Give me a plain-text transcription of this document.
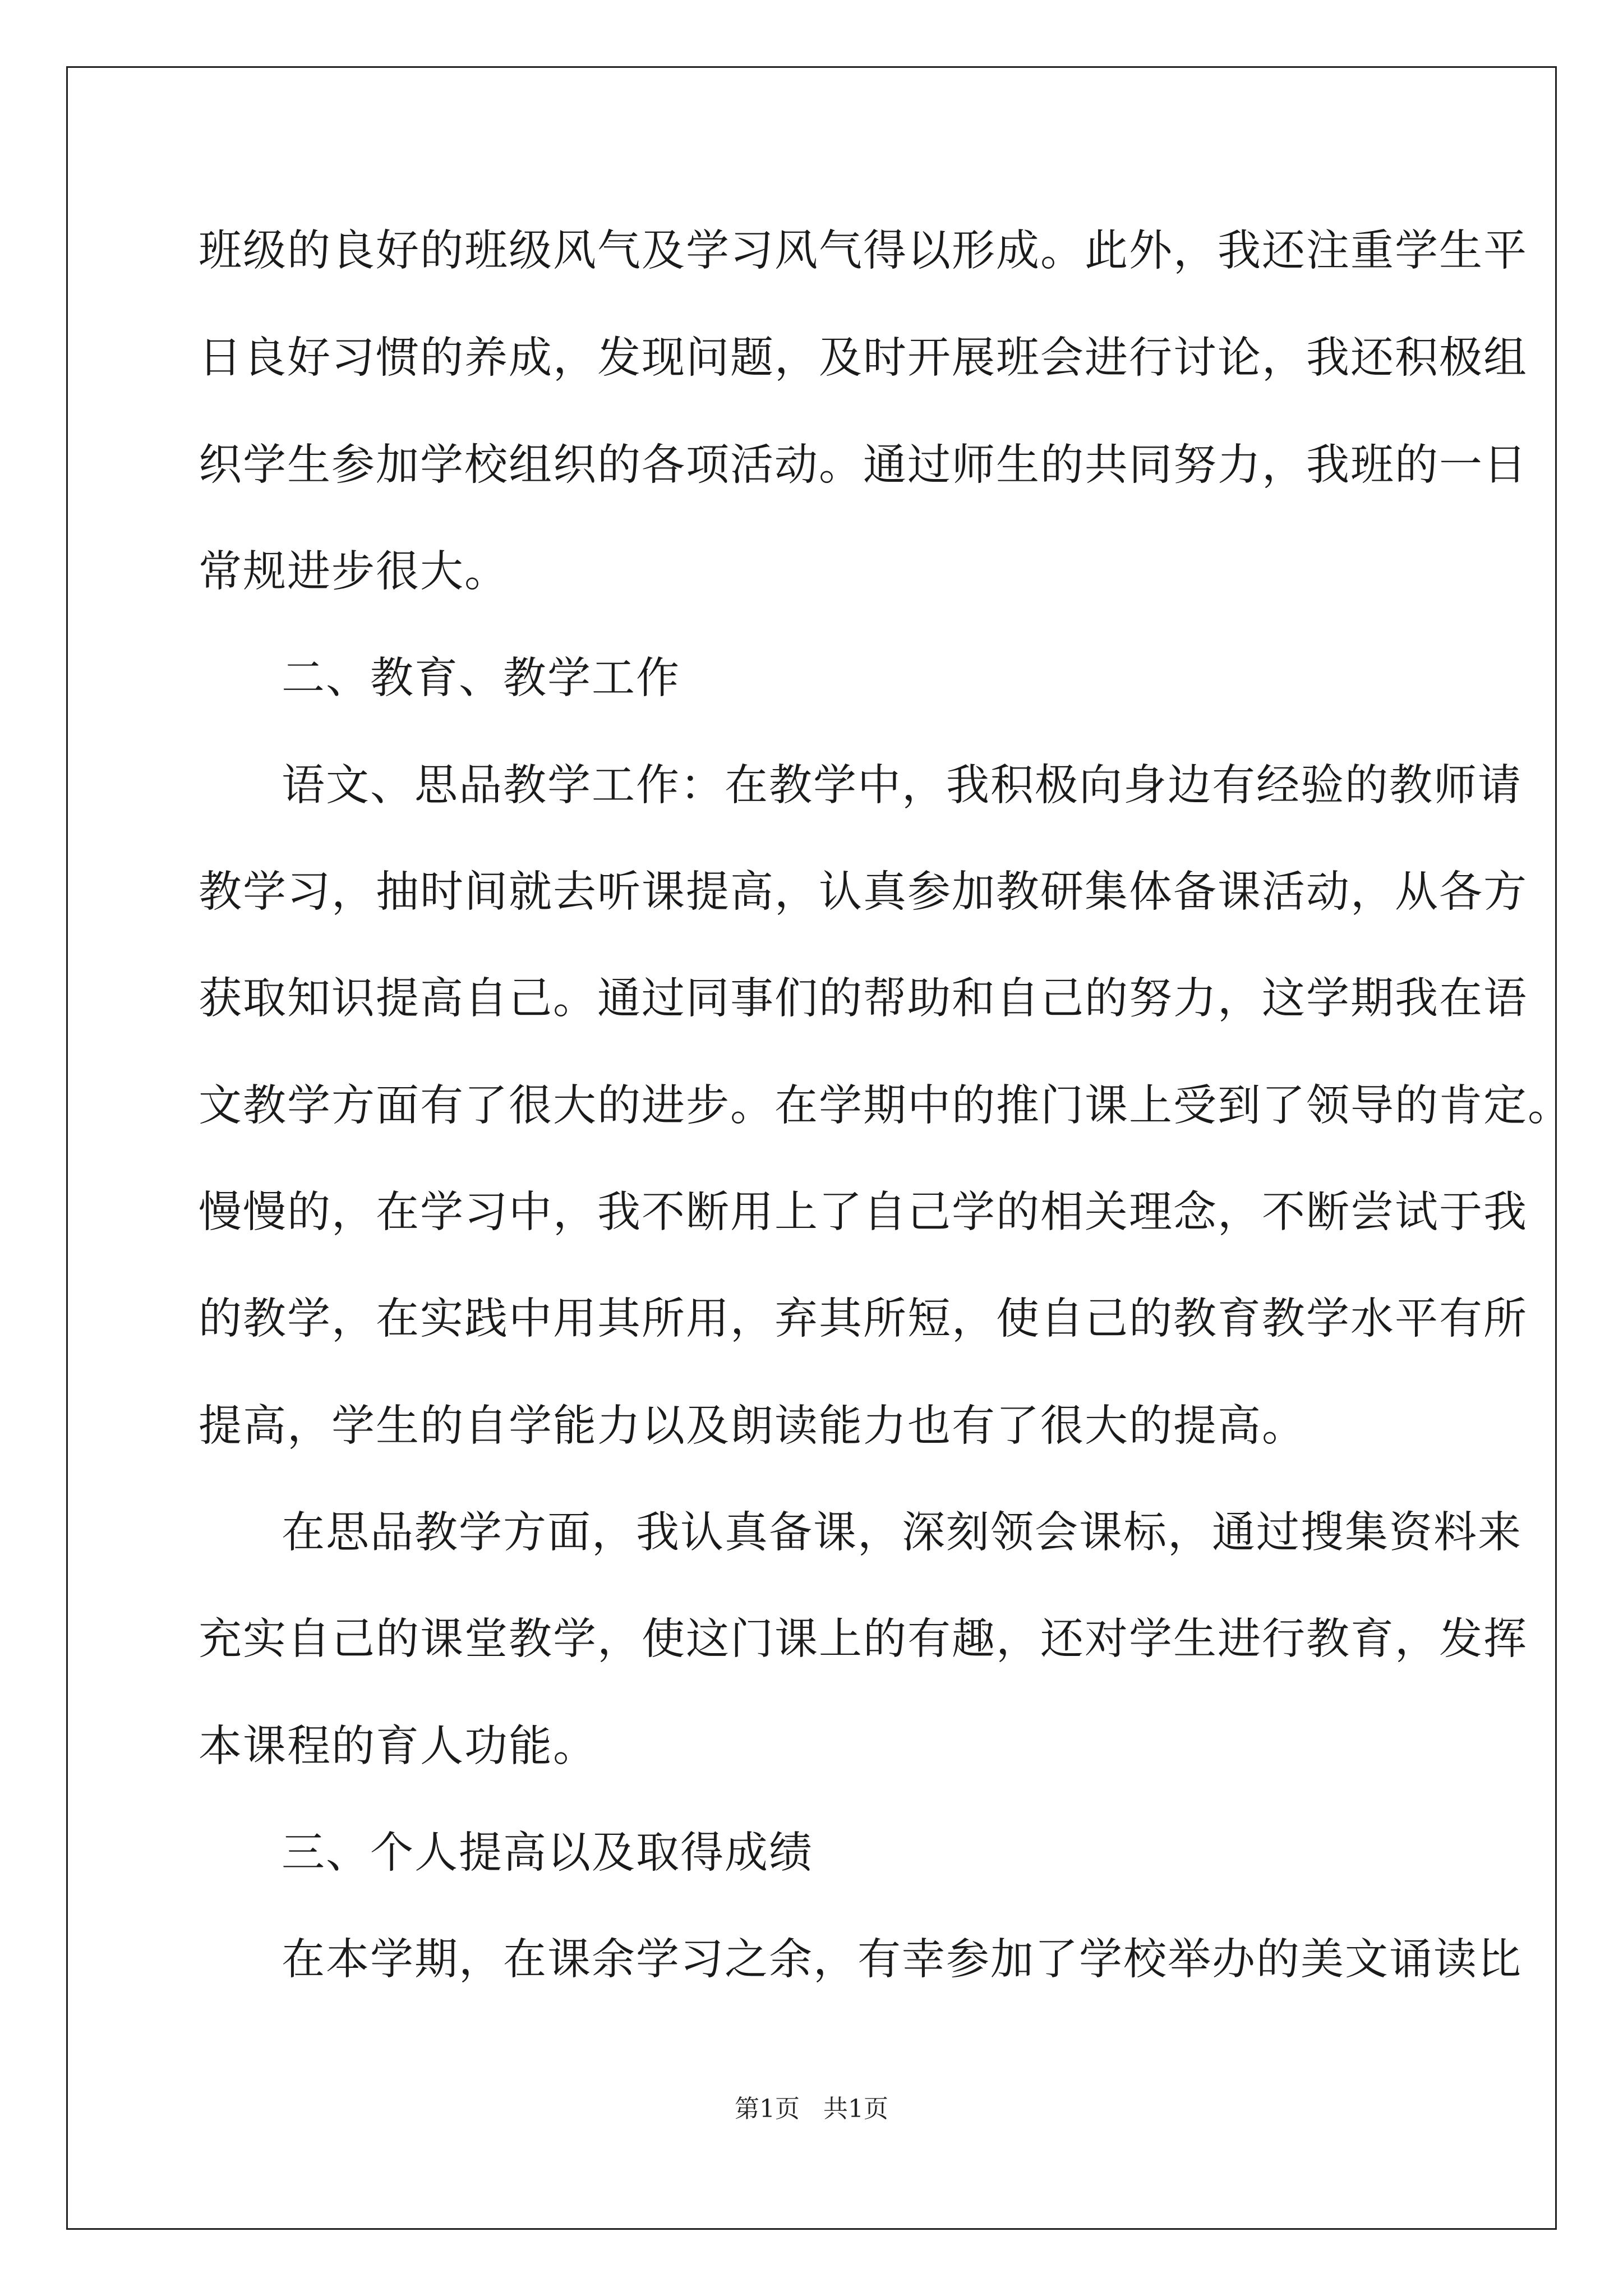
班级的良好的班级风气及学习风气得以形成。此外，我还注重学生平
日良好习惯的养成，发现问题，及时开展班会进行讨论，我还积极组
织学生参加学校组织的各项活动。通过师生的共同努力，我班的一日
常规进步很大。
二、教育、教学工作
语文、思品教学工作：在教学中，我积极向身边有经验的教师请
教学习，抽时间就去听课提高，认真参加教研集体备课活动，从各方
获取知识提高自己。通过同事们的帮助和自己的努力，这学期我在语
文教学方面有了很大的进步。在学期中的推门课上受到了领导的肯定。
慢慢的，在学习中，我不断用上了自己学的相关理念，不断尝试于我
的教学，在实践中用其所用，弃其所短，使自己的教育教学水平有所
提高，学生的自学能力以及朗读能力也有了很大的提高。
在思品教学方面，我认真备课，深刻领会课标，通过搜集资料来
充实自己的课堂教学，使这门课上的有趣，还对学生进行教育，发挥
本课程的育人功能。
三、个人提高以及取得成绩
在本学期，在课余学习之余，有幸参加了学校举办的美文诵读比
第1页 共1页
